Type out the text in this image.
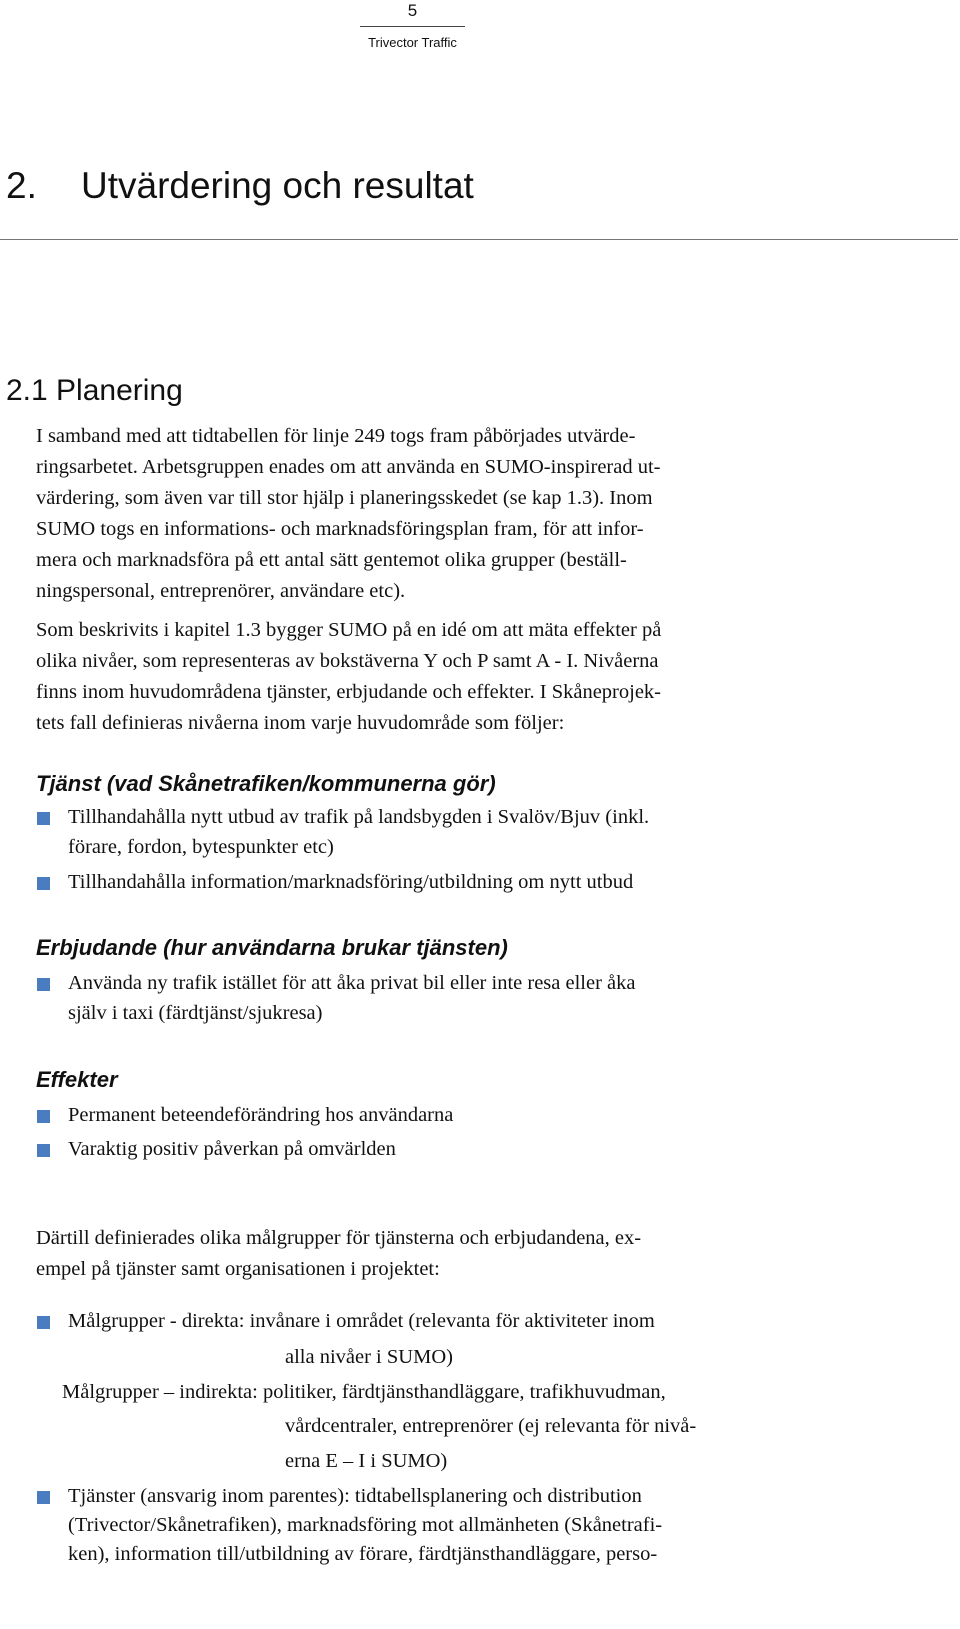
5
Trivector Traffic
2. Utvärdering och resultat
2.1 Planering
I samband med att tidtabellen för linje 249 togs fram påbörjades utvärde-
ringsarbetet. Arbetsgruppen enades om att använda en SUMO-inspirerad ut-
värdering, som även var till stor hjälp i planeringsskedet (se kap 1.3). Inom
SUMO togs en informations- och marknadsföringsplan fram, för att infor-
mera och marknadsföra på ett antal sätt gentemot olika grupper (beställ-
ningspersonal, entreprenörer, användare etc).
Som beskrivits i kapitel 1.3 bygger SUMO på en idé om att mäta effekter på
olika nivåer, som representeras av bokstäverna Y och P samt A - I. Nivåerna
finns inom huvudområdena tjänster, erbjudande och effekter. I Skåneprojek-
tets fall definieras nivåerna inom varje huvudområde som följer:
Tjänst (vad Skånetrafiken/kommunerna gör)
Tillhandahålla nytt utbud av trafik på landsbygden i Svalöv/Bjuv (inkl.
förare, fordon, bytespunkter etc)
Tillhandahålla information/marknadsföring/utbildning om nytt utbud
Erbjudande (hur användarna brukar tjänsten)
Använda ny trafik istället för att åka privat bil eller inte resa eller åka
själv i taxi (färdtjänst/sjukresa)
Effekter
Permanent beteendeförändring hos användarna
Varaktig positiv påverkan på omvärlden
Därtill definierades olika målgrupper för tjänsterna och erbjudandena, ex-
empel på tjänster samt organisationen i projektet:
Målgrupper - direkta: invånare i området (relevanta för aktiviteter inom
alla nivåer i SUMO)
Målgrupper – indirekta: politiker, färdtjänsthandläggare, trafikhuvudman,
vårdcentraler, entreprenörer (ej relevanta för nivå-
erna E – I i SUMO)
Tjänster (ansvarig inom parentes): tidtabellsplanering och distribution
(Trivector/Skånetrafiken), marknadsföring mot allmänheten (Skånetrafi-
ken), information till/utbildning av förare, färdtjänsthandläggare, perso-
